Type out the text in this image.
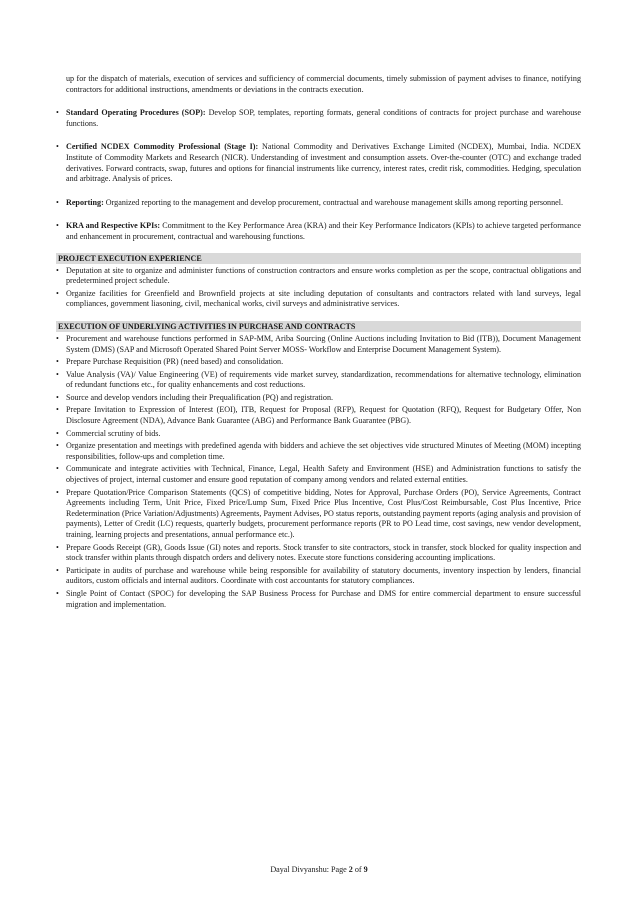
up for the dispatch of materials, execution of services and sufficiency of commercial documents, timely submission of payment advises to finance, notifying contractors for additional instructions, amendments or deviations in the contracts execution.

• Standard Operating Procedures (SOP): Develop SOP, templates, reporting formats, general conditions of contracts for project purchase and warehouse functions.

• Certified NCDEX Commodity Professional (Stage I): National Commodity and Derivatives Exchange Limited (NCDEX), Mumbai, India. NCDEX Institute of Commodity Markets and Research (NICR). Understanding of investment and consumption assets. Over-the-counter (OTC) and exchange traded derivatives. Forward contracts, swap, futures and options for financial instruments like currency, interest rates, credit risk, commodities. Hedging, speculation and arbitrage. Analysis of prices.

• Reporting: Organized reporting to the management and develop procurement, contractual and warehouse management skills among reporting personnel.

• KRA and Respective KPIs: Commitment to the Key Performance Area (KRA) and their Key Performance Indicators (KPIs) to achieve targeted performance and enhancement in procurement, contractual and warehousing functions.

PROJECT EXECUTION EXPERIENCE

• Deputation at site to organize and administer functions of construction contractors and ensure works completion as per the scope, contractual obligations and predetermined project schedule.

• Organize facilities for Greenfield and Brownfield projects at site including deputation of consultants and contractors related with land surveys, legal compliances, government liasoning, civil, mechanical works, civil surveys and administrative services.

EXECUTION OF UNDERLYING ACTIVITIES IN PURCHASE AND CONTRACTS

• Procurement and warehouse functions performed in SAP-MM, Ariba Sourcing (Online Auctions including Invitation to Bid (ITB)), Document Management System (DMS) (SAP and Microsoft Operated Shared Point Server MOSS- Workflow and Enterprise Document Management System).

• Prepare Purchase Requisition (PR) (need based) and consolidation.

• Value Analysis (VA)/ Value Engineering (VE) of requirements vide market survey, standardization, recommendations for alternative technology, elimination of redundant functions etc., for quality enhancements and cost reductions.

• Source and develop vendors including their Prequalification (PQ) and registration.

• Prepare Invitation to Expression of Interest (EOI), ITB, Request for Proposal (RFP), Request for Quotation (RFQ), Request for Budgetary Offer, Non Disclosure Agreement (NDA), Advance Bank Guarantee (ABG) and Performance Bank Guarantee (PBG).

• Commercial scrutiny of bids.

• Organize presentation and meetings with predefined agenda with bidders and achieve the set objectives vide structured Minutes of Meeting (MOM) incepting responsibilities, follow-ups and completion time.

• Communicate and integrate activities with Technical, Finance, Legal, Health Safety and Environment (HSE) and Administration functions to satisfy the objectives of project, internal customer and ensure good reputation of company among vendors and related external entities.

• Prepare Quotation/Price Comparison Statements (QCS) of competitive bidding, Notes for Approval, Purchase Orders (PO), Service Agreements, Contract Agreements including Term, Unit Price, Fixed Price/Lump Sum, Fixed Price Plus Incentive, Cost Plus/Cost Reimbursable, Cost Plus Incentive, Price Redetermination (Price Variation/Adjustments) Agreements, Payment Advises, PO status reports, outstanding payment reports (aging analysis and provision of payments), Letter of Credit (LC) requests, quarterly budgets, procurement performance reports (PR to PO Lead time, cost savings, new vendor development, training, learning projects and presentations, annual performance etc.).

• Prepare Goods Receipt (GR), Goods Issue (GI) notes and reports. Stock transfer to site contractors, stock in transfer, stock blocked for quality inspection and stock transfer within plants through dispatch orders and delivery notes. Execute store functions considering accounting implications.

• Participate in audits of purchase and warehouse while being responsible for availability of statutory documents, inventory inspection by lenders, financial auditors, custom officials and internal auditors. Coordinate with cost accountants for statutory compliances.

• Single Point of Contact (SPOC) for developing the SAP Business Process for Purchase and DMS for entire commercial department to ensure successful migration and implementation.

Dayal Divyanshu: Page 2 of 9
